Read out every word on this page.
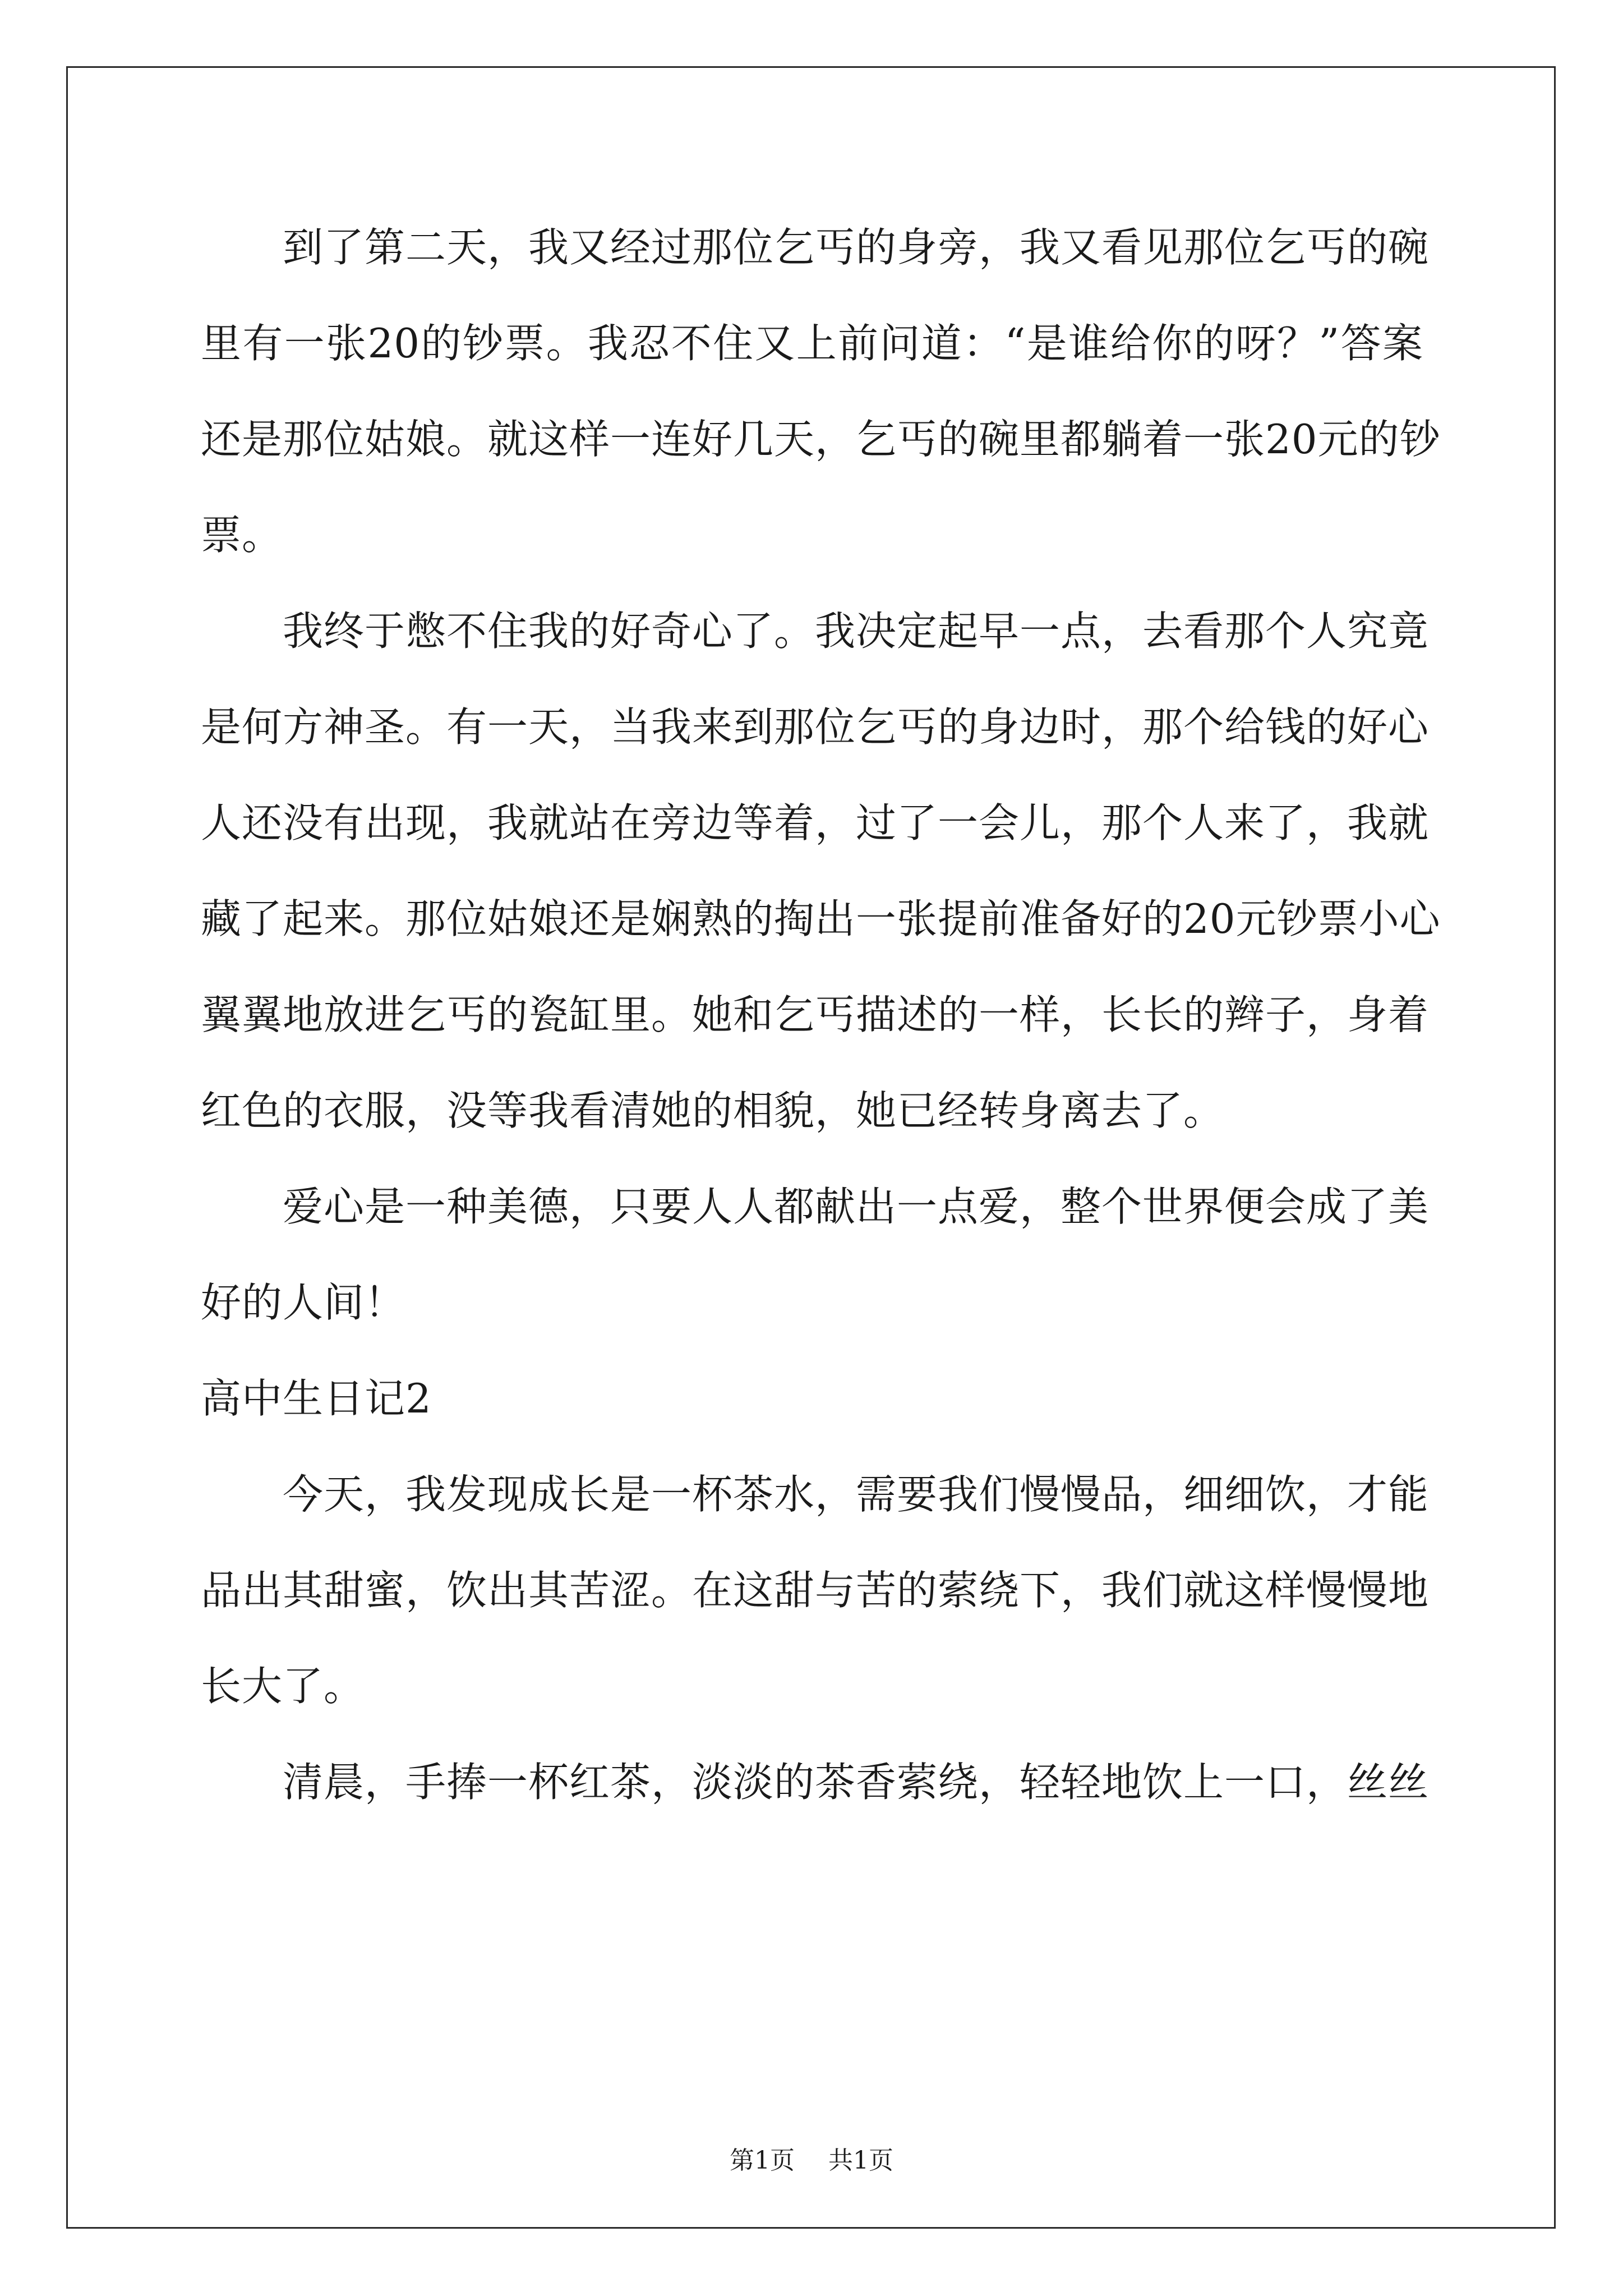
到了第二天，我又经过那位乞丐的身旁，我又看见那位乞丐的碗
里有一张20的钞票。我忍不住又上前问道：“是谁给你的呀？”答案
还是那位姑娘。就这样一连好几天，乞丐的碗里都躺着一张20元的钞
票。
我终于憋不住我的好奇心了。我决定起早一点，去看那个人究竟
是何方神圣。有一天，当我来到那位乞丐的身边时，那个给钱的好心
人还没有出现，我就站在旁边等着，过了一会儿，那个人来了，我就
藏了起来。那位姑娘还是娴熟的掏出一张提前准备好的20元钞票小心
翼翼地放进乞丐的瓷缸里。她和乞丐描述的一样，长长的辫子，身着
红色的衣服，没等我看清她的相貌，她已经转身离去了。
爱心是一种美德，只要人人都献出一点爱，整个世界便会成了美
好的人间！
高中生日记2
今天，我发现成长是一杯茶水，需要我们慢慢品，细细饮，才能
品出其甜蜜，饮出其苦涩。在这甜与苦的萦绕下，我们就这样慢慢地
长大了。
清晨，手捧一杯红茶，淡淡的茶香萦绕，轻轻地饮上一口，丝丝
第1页 共1页
